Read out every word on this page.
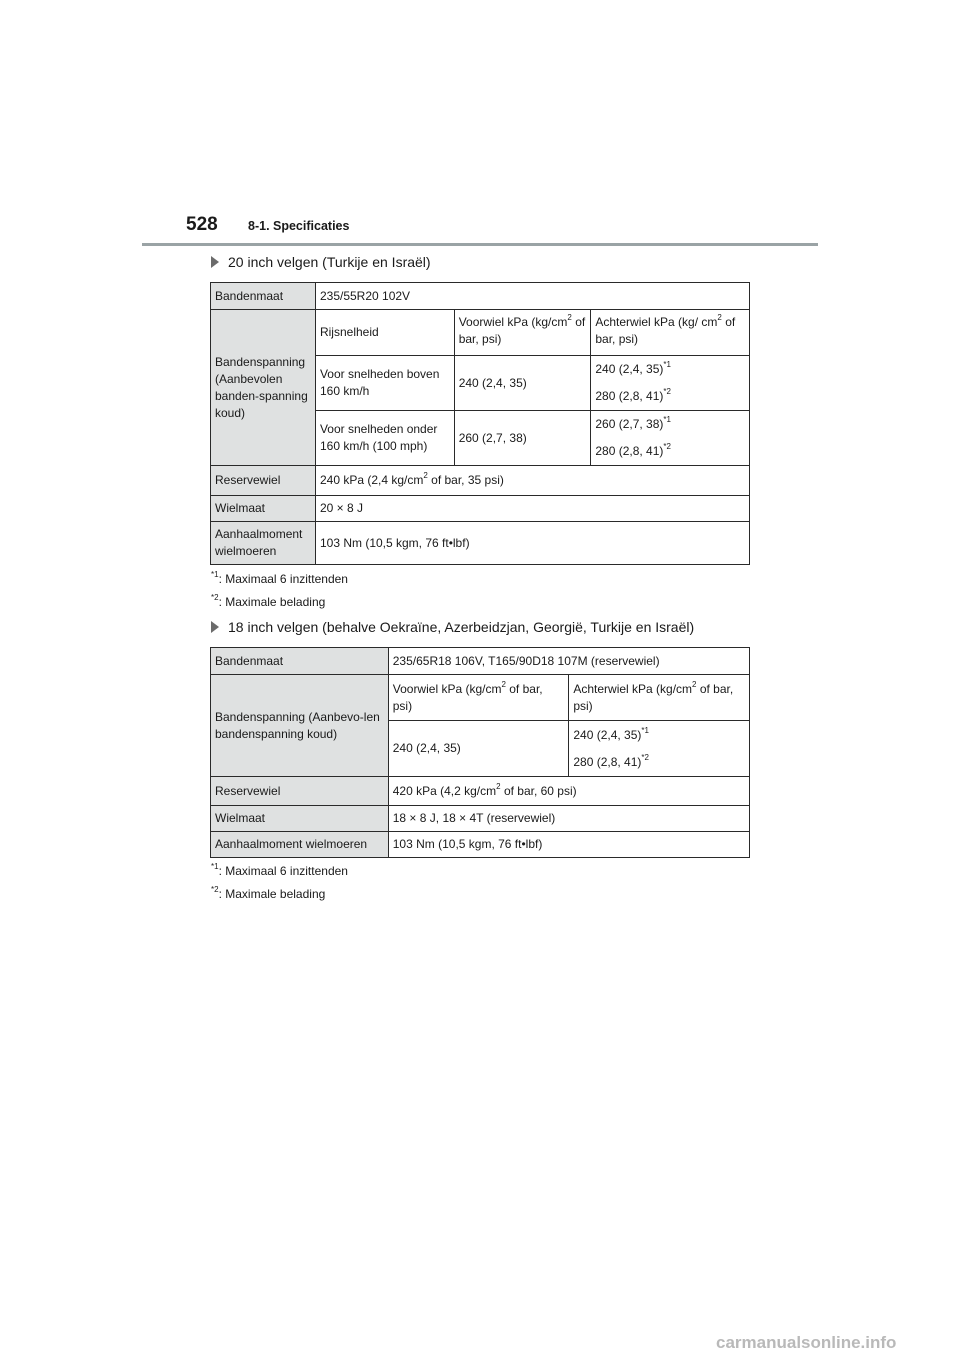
528 8-1. Specificaties
20 inch velgen (Turkije en Israël)
Bandenmaat	235/55R20 102V		
Bandenspanning (Aanbevolen banden-spanning koud)	Rijsnelheid	Voorwiel kPa ($kg/cm^2$ of bar, psi)	Achterwiel kPa (kg/ $cm^2$ of bar, psi)
	Voor snelheden boven 160 km/h	240 (2,4, 35)	240 (2,4, 35)$^{*1}$
280 (2,8, 41)$^{*2}$

	Voor snelheden onder 160 km/h (100 mph)	260 (2,7, 38)	260 (2,7, 38)$^{*1}$
280 (2,8, 41)$^{*2}$

Reservewiel	240 kPa (2,4 $kg/cm^2$ of bar, 35 psi)		
Wielmaat	20 × 8 J		
Aanhaalmoment wielmoeren	103 Nm (10,5 kgm, 76 ft•lbf)		
$^{*1}$: Maximaal 6 inzittenden
$^{*2}$: Maximale belading
18 inch velgen (behalve Oekraïne, Azerbeidzjan, Georgië, Turkije en Israël)
Bandenmaat	235/65R18 106V, T165/90D18 107M (reservewiel)	
Bandenspanning (Aanbevo-len bandenspanning koud)	Voorwiel kPa ($kg/cm^2$ of bar, psi)	Achterwiel kPa ($kg/cm^2$ of bar, psi)
	240 (2,4, 35)	240 (2,4, 35)$^{*1}$
280 (2,8, 41)$^{*2}$

Reservewiel	420 kPa (4,2 $kg/cm^2$ of bar, 60 psi)	
Wielmaat	18 × 8 J, 18 × 4T (reservewiel)	
Aanhaalmoment wielmoeren	103 Nm (10,5 kgm, 76 ft•lbf)	
$^{*1}$: Maximaal 6 inzittenden
$^{*2}$: Maximale belading
carmanualsonline.info
